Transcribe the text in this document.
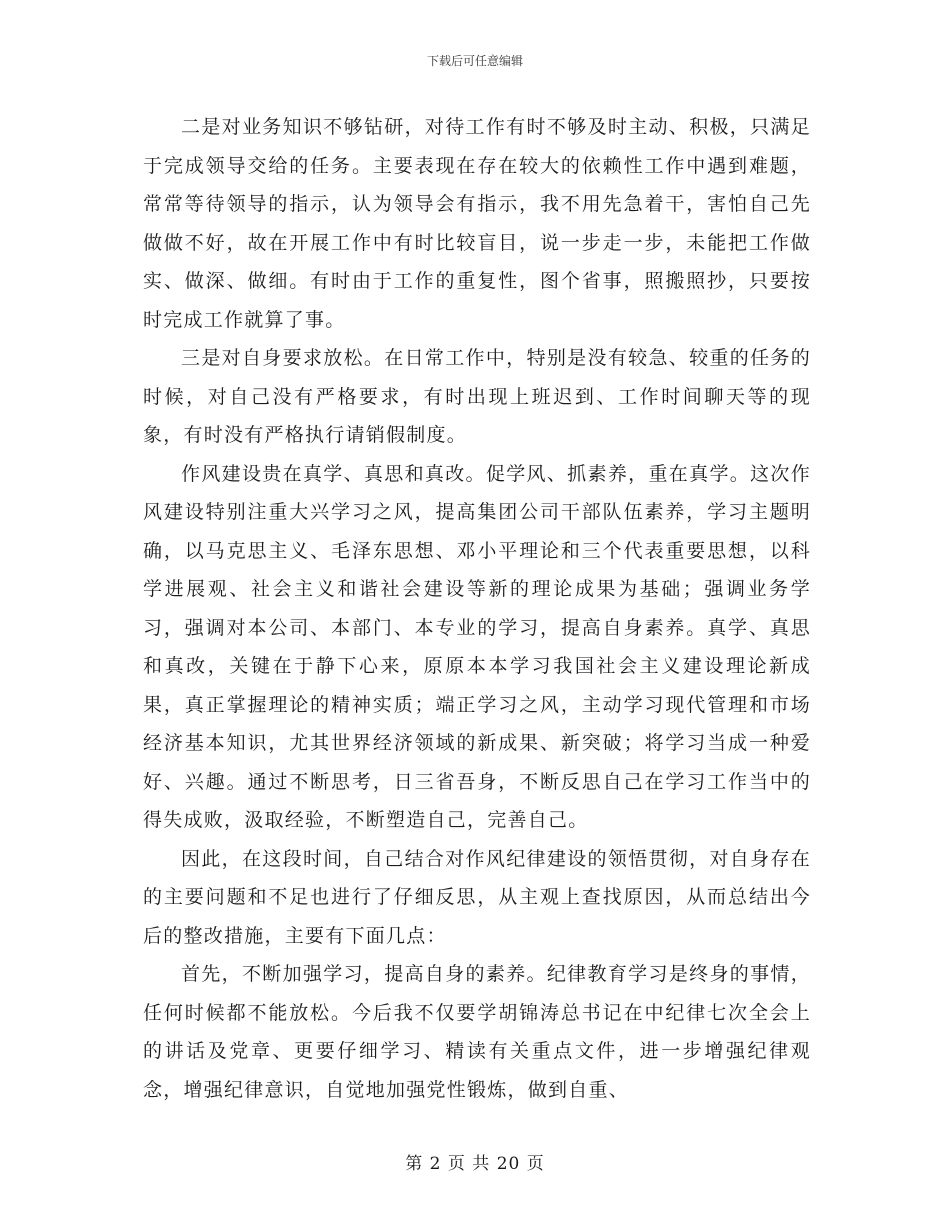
下载后可任意编辑

二是对业务知识不够钻研，对待工作有时不够及时主动、积极，只满足于完成领导交给的任务。主要表现在存在较大的依赖性工作中遇到难题，常常等待领导的指示，认为领导会有指示，我不用先急着干，害怕自己先做做不好，故在开展工作中有时比较盲目，说一步走一步，未能把工作做实、做深、做细。有时由于工作的重复性，图个省事，照搬照抄，只要按时完成工作就算了事。

三是对自身要求放松。在日常工作中，特别是没有较急、较重的任务的时候，对自己没有严格要求，有时出现上班迟到、工作时间聊天等的现象，有时没有严格执行请销假制度。

作风建设贵在真学、真思和真改。促学风、抓素养，重在真学。这次作风建设特别注重大兴学习之风，提高集团公司干部队伍素养，学习主题明确，以马克思主义、毛泽东思想、邓小平理论和三个代表重要思想，以科学进展观、社会主义和谐社会建设等新的理论成果为基础；强调业务学习，强调对本公司、本部门、本专业的学习，提高自身素养。真学、真思和真改，关键在于静下心来，原原本本学习我国社会主义建设理论新成果，真正掌握理论的精神实质；端正学习之风，主动学习现代管理和市场经济基本知识，尤其世界经济领域的新成果、新突破；将学习当成一种爱好、兴趣。通过不断思考，日三省吾身，不断反思自己在学习工作当中的得失成败，汲取经验，不断塑造自己，完善自己。

因此，在这段时间，自己结合对作风纪律建设的领悟贯彻，对自身存在的主要问题和不足也进行了仔细反思，从主观上查找原因，从而总结出今后的整改措施，主要有下面几点：

首先，不断加强学习，提高自身的素养。纪律教育学习是终身的事情，任何时候都不能放松。今后我不仅要学胡锦涛总书记在中纪律七次全会上的讲话及党章、更要仔细学习、精读有关重点文件，进一步增强纪律观念，增强纪律意识，自觉地加强党性锻炼，做到自重、

第 2 页 共 20 页
